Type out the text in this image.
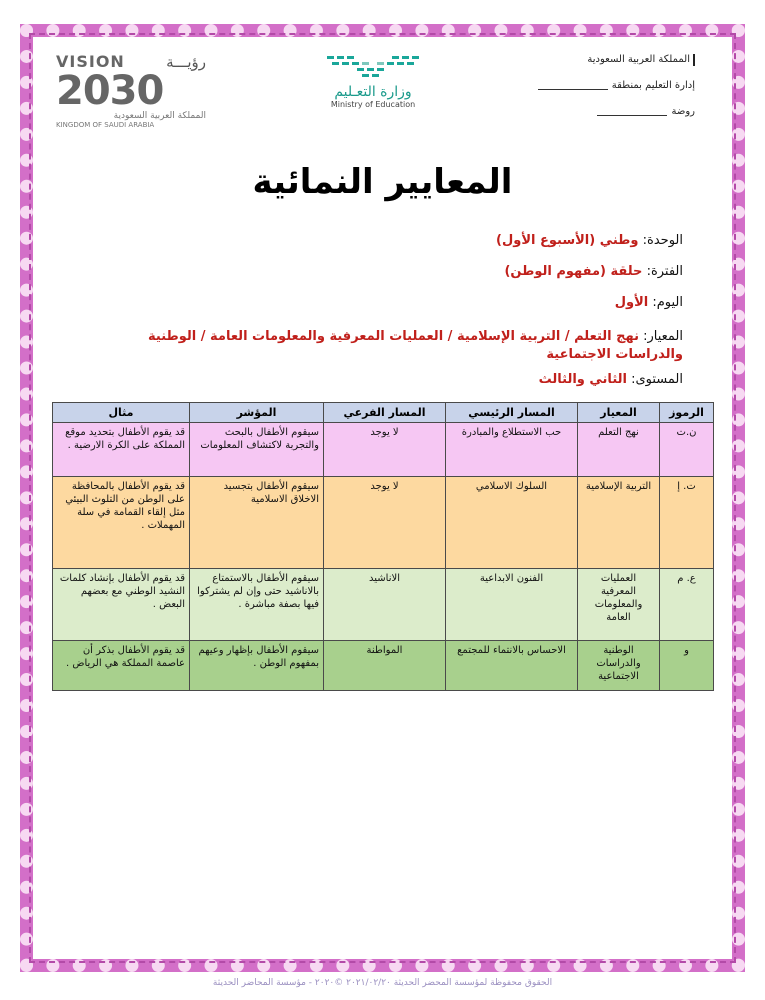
المملكة العربية السعودية
إدارة التعليم بمنطقة
روضة
وزارة التعـليم
Ministry of Education
VISION	رؤيـــة
2030
المملكة العربية السعودية
KINGDOM OF SAUDI ARABIA
المعايير النمائية
الوحدة: وطني (الأسبوع الأول)
الفترة: حلقة (مفهوم الوطن)
اليوم: الأول
المعيار: نهج التعلم / التربية الإسلامية / العمليات المعرفية والمعلومات العامة / الوطنية والدراسات الاجتماعية
المستوى: الثاني والثالث
الرموز	المعيار	المسار الرئيسي	المسار الفرعي	المؤشر	مثال
ن.ت	نهج التعلم	حب الاستطلاع والمبادرة	لا يوجد	سيقوم الأطفال بالبحث والتجربة لاكتشاف المعلومات	قد يقوم الأطفال بتحديد موقع المملكة على الكرة الارضية .
ت. إ	التربية الإسلامية	السلوك الاسلامي	لا يوجد	سيقوم الأطفال بتجسيد الاخلاق الاسلامية	قد يقوم الأطفال بالمحافظة على الوطن من التلوث البيئي مثل إلقاء القمامة في سلة المهملات .
ع. م	العمليات المعرفية والمعلومات العامة	الفنون الابداعية	الاناشيد	سيقوم الأطفال بالاستمتاع بالاناشيد حتى وإن لم يشتركوا فيها بصفة مباشرة .	قد يقوم الأطفال بإنشاد كلمات النشيد الوطني مع بعضهم البعض .
و	الوطنية والدراسات الاجتماعية	الاحساس بالانتماء للمجتمع	المواطنة	سيقوم الأطفال بإظهار وعيهم بمفهوم الوطن .	قد يقوم الأطفال بذكر أن عاصمة المملكة هي الرياض .
الحقوق محفوظة لمؤسسة المحضر الحديثة ٢٠٢١/٠٢/٢٠ ©٢٠٢٠ - مؤسسة المحاضر الحديثة
